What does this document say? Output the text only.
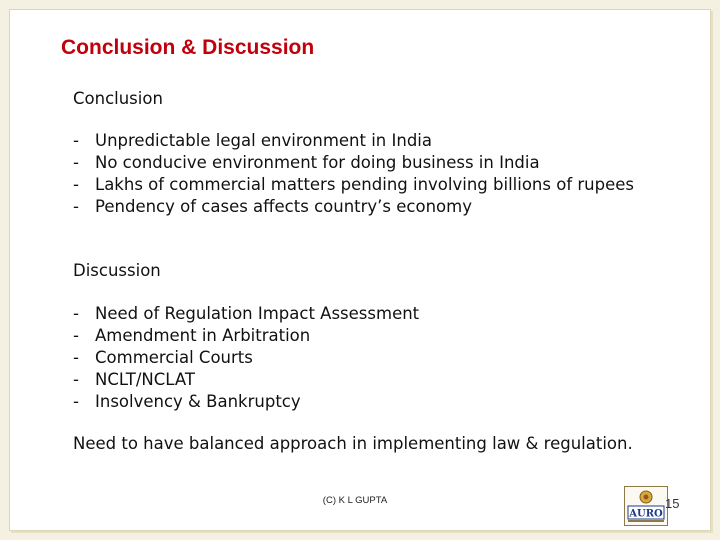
Conclusion & Discussion
Conclusion
- Unpredictable legal environment in India
- No conducive environment for doing business in India
- Lakhs of commercial matters pending involving billions of rupees
- Pendency of cases affects country’s economy
Discussion
- Need of Regulation Impact Assessment
- Amendment in Arbitration
- Commercial Courts
- NCLT/NCLAT
- Insolvency & Bankruptcy
Need to have balanced approach in implementing law & regulation.
(C) K L GUPTA
AURO
15
